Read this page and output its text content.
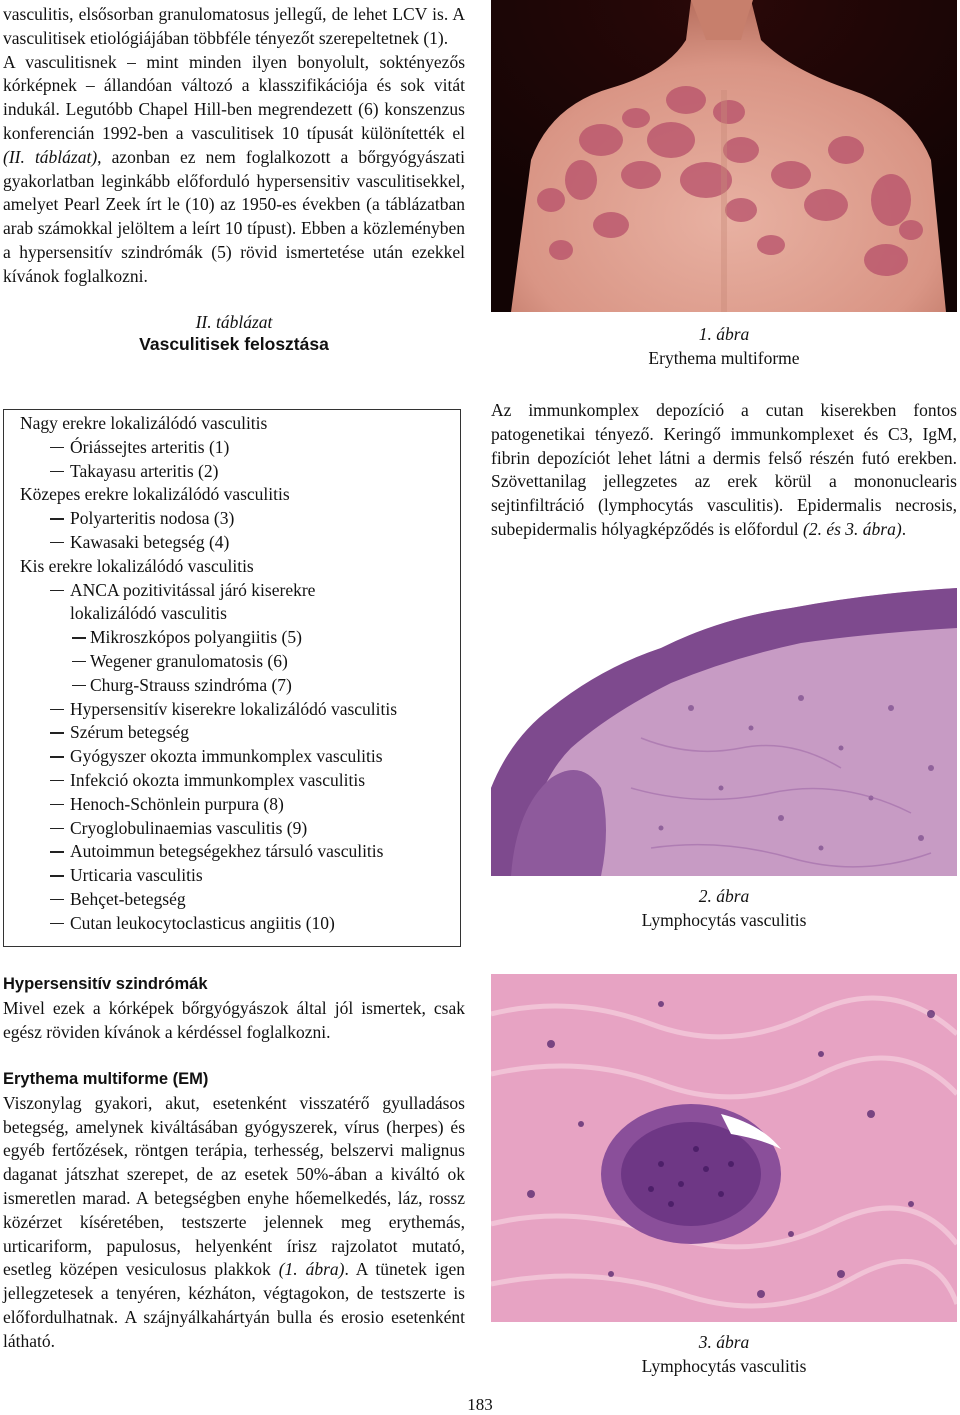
vasculitis, elsősorban granulomatosus jellegű, de lehet LCV is. A vasculitisek etiológiájában többféle tényezőt szerepeltetnek (1).

A vasculitisnek – mint minden ilyen bonyolult, soktényezős kórképnek – állandóan változó a klasszifikációja és sok vitát indukál. Legutóbb Chapel Hill-ben megrendezett (6) konszenzus konferencián 1992-ben a vasculitisek 10 típusát különítették el (II. táblázat), azonban ez nem foglalkozott a bőrgyógyászati gyakorlatban leginkább előforduló hypersensitiv vasculitisekkel, amelyet Pearl Zeek írt le (10) az 1950-es években (a táblázatban arab számokkal jelöltem a leírt 10 típust). Ebben a közleményben a hypersensitív szindrómák (5) rövid ismertetése után ezekkel kívánok foglalkozni.

II. táblázat
Vasculitisek felosztása
Nagy erekre lokalizálódó vasculitis
Óriássejtes arteritis (1)
Takayasu arteritis (2)
Közepes erekre lokalizálódó vasculitis
Polyarteritis nodosa (3)
Kawasaki betegség (4)
Kis erekre lokalizálódó vasculitis
ANCA pozitivitással járó kiserekre
lokalizálódó vasculitis
Mikroszkópos polyangiitis (5)
Wegener granulomatosis (6)
Churg-Strauss szindróma (7)
Hypersensitív kiserekre lokalizálódó vasculitis
Szérum betegség
Gyógyszer okozta immunkomplex vasculitis
Infekció okozta immunkomplex vasculitis
Henoch-Schönlein purpura (8)
Cryoglobulinaemias vasculitis (9)
Autoimmun betegségekhez társuló vasculitis
Urticaria vasculitis
Behçet-betegség
Cutan leukocytoclasticus angiitis (10)
Hypersensitív szindrómák

Mivel ezek a kórképek bőrgyógyászok által jól ismertek, csak egész röviden kívánok a kérdéssel foglalkozni.

Erythema multiforme (EM)

Viszonylag gyakori, akut, esetenként visszatérő gyulladásos betegség, amelynek kiváltásában gyógyszerek, vírus (herpes) és egyéb fertőzések, röntgen terápia, terhesség, belszervi malignus daganat játszhat szerepet, de az esetek 50%-ában a kiváltó ok ismeretlen marad. A betegségben enyhe hőemelkedés, láz, rossz közérzet kíséretében, testszerte jelennek meg erythemás, urticariform, papulosus, helyenként írisz rajzolatot mutató, esetleg középen vesiculosus plakkok (1. ábra). A tünetek igen jellegzetesek a tenyéren, kézháton, végtagokon, de testszerte is előfordulhatnak. A szájnyálkahártyán bulla és erosio esetenként látható.

1. ábra
Erythema multiforme

Az immunkomplex depozíció a cutan kiserekben fontos patogenetikai tényező. Keringő immunkomplexet és C3, IgM, fibrin depozíciót lehet látni a dermis felső részén futó erekben. Szövettanilag jellegzetes az erek körül a mononuclearis sejtinfiltráció (lymphocytás vasculitis). Epidermalis necrosis, subepidermalis hólyagképződés is előfordul (2. és 3. ábra).

2. ábra
Lymphocytás vasculitis
3. ábra
Lymphocytás vasculitis
183
